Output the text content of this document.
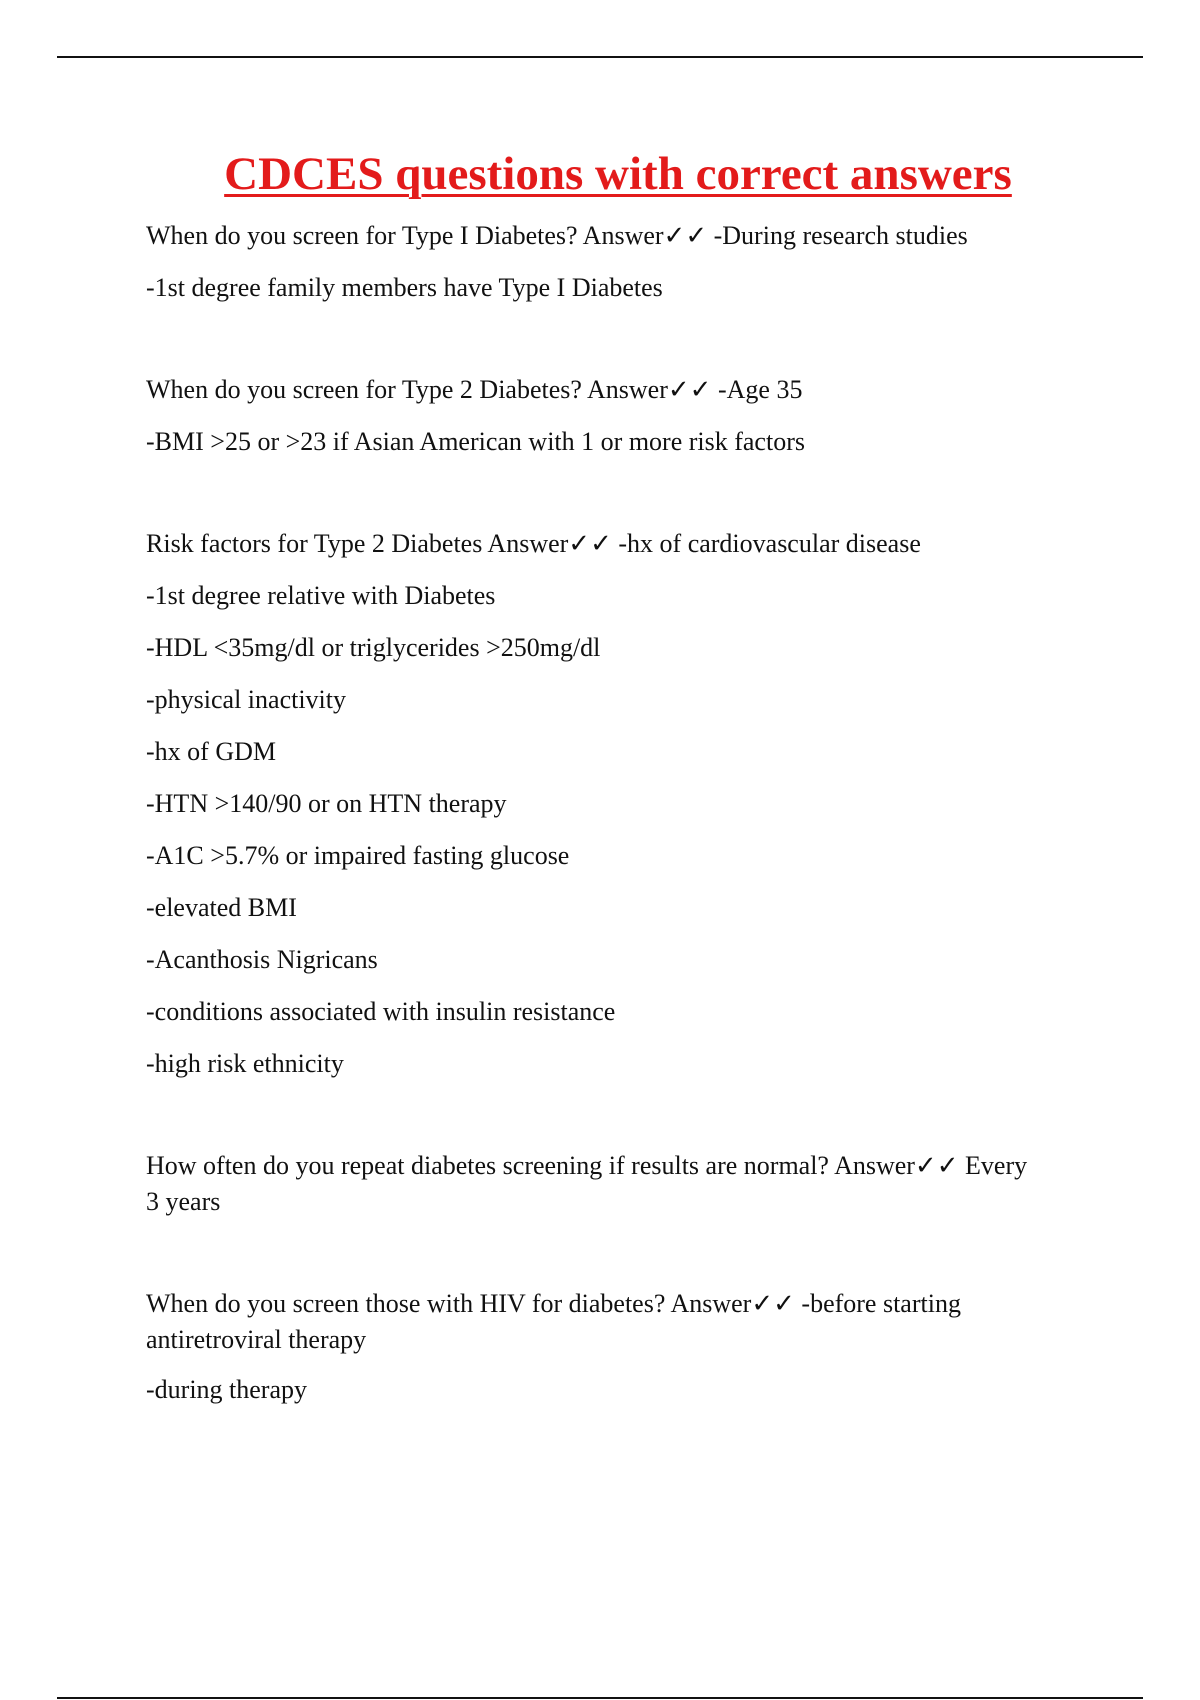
CDCES questions with correct answers
When do you screen for Type I Diabetes? Answer✓✓ -During research studies
-1st degree family members have Type I Diabetes
When do you screen for Type 2 Diabetes? Answer✓✓ -Age 35
-BMI >25 or >23 if Asian American with 1 or more risk factors
Risk factors for Type 2 Diabetes Answer✓✓ -hx of cardiovascular disease
-1st degree relative with Diabetes
-HDL <35mg/dl or triglycerides >250mg/dl
-physical inactivity
-hx of GDM
-HTN >140/90 or on HTN therapy
-A1C >5.7% or impaired fasting glucose
-elevated BMI
-Acanthosis Nigricans
-conditions associated with insulin resistance
-high risk ethnicity
How often do you repeat diabetes screening if results are normal? Answer✓✓ Every 3 years
When do you screen those with HIV for diabetes? Answer✓✓ -before starting antiretroviral therapy
-during therapy
